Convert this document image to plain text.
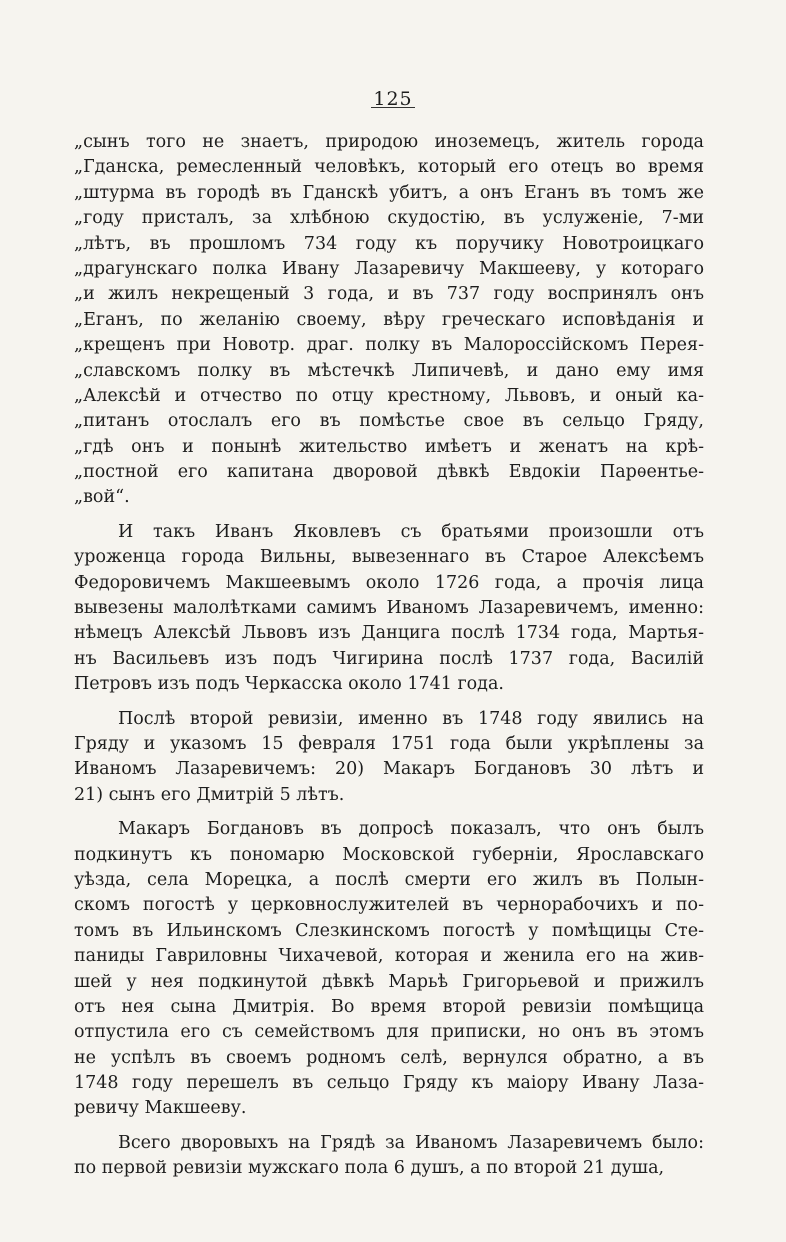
125
„сынъ того не знаетъ, природою иноземецъ, житель города
„Гданска, ремесленный человѣкъ, который его отецъ во время
„штурма въ городѣ въ Гданскѣ убитъ, а онъ Еганъ въ томъ же
„году присталъ, за хлѣбною скудостію, въ услуженіе, 7-ми
„лѣтъ, въ прошломъ 734 году къ поручику Новотроицкаго
„драгунскаго полка Ивану Лазаревичу Макшееву, у котораго
„и жилъ некрещеный 3 года, и въ 737 году воспринялъ онъ
„Еганъ, по желанію своему, вѣру греческаго исповѣданія и
„крещенъ при Новотр. драг. полку въ Малороссійскомъ Перея-
„славскомъ полку въ мѣстечкѣ Липичевѣ, и дано ему имя
„Алексѣй и отчество по отцу крестному, Львовъ, и оный ка-
„питанъ отослалъ его въ помѣстье свое въ сельцо Гряду,
„гдѣ онъ и понынѣ жительство имѣетъ и женатъ на крѣ-
„постной его капитана дворовой дѣвкѣ Евдокіи Парѳентье-
„вой“.
И такъ Иванъ Яковлевъ съ братьями произошли отъ
уроженца города Вильны, вывезеннаго въ Старое Алексѣемъ
Федоровичемъ Макшеевымъ около 1726 года, а прочія лица
вывезены малолѣтками самимъ Иваномъ Лазаревичемъ, именно:
нѣмецъ Алексѣй Львовъ изъ Данцига послѣ 1734 года, Мартья-
нъ Васильевъ изъ подъ Чигирина послѣ 1737 года, Василій
Петровъ изъ подъ Черкасска около 1741 года.
Послѣ второй ревизіи, именно въ 1748 году явились на
Гряду и указомъ 15 февраля 1751 года были укрѣплены за
Иваномъ Лазаревичемъ: 20) Макаръ Богдановъ 30 лѣтъ и
21) сынъ его Дмитрій 5 лѣтъ.
Макаръ Богдановъ въ допросѣ показалъ, что онъ былъ
подкинутъ къ пономарю Московской губерніи, Ярославскаго
уѣзда, села Морецка, а послѣ смерти его жилъ въ Полын-
скомъ погостѣ у церковнослужителей въ чернорабочихъ и по-
томъ въ Ильинскомъ Слезкинскомъ погостѣ у помѣщицы Сте-
паниды Гавриловны Чихачевой, которая и женила его на жив-
шей у нея подкинутой дѣвкѣ Марьѣ Григорьевой и прижилъ
отъ нея сына Дмитрія. Во время второй ревизіи помѣщица
отпустила его съ семействомъ для приписки, но онъ въ этомъ
не успѣлъ въ своемъ родномъ селѣ, вернулся обратно, а въ
1748 году перешелъ въ сельцо Гряду къ маіору Ивану Лаза-
ревичу Макшееву.
Всего дворовыхъ на Грядѣ за Иваномъ Лазаревичемъ было:
по первой ревизіи мужскаго пола 6 душъ, а по второй 21 душа,
